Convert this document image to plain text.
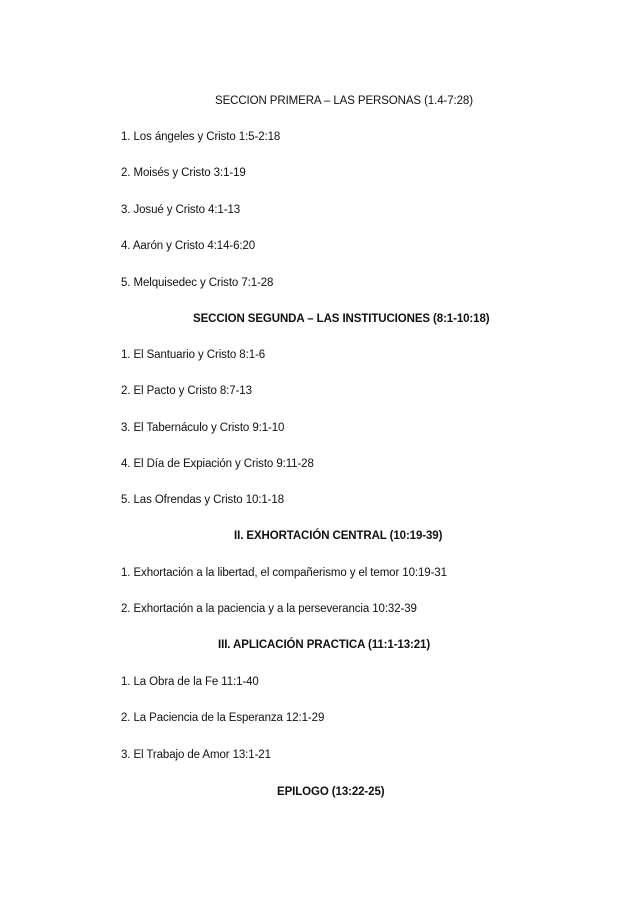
SECCION PRIMERA – LAS PERSONAS (1.4-7:28)
1. Los ángeles y Cristo 1:5-2:18
2. Moisés y Cristo 3:1-19
3. Josué y Cristo 4:1-13
4. Aarón y Cristo 4:14-6:20
5. Melquisedec y Cristo 7:1-28
SECCION SEGUNDA – LAS INSTITUCIONES (8:1-10:18)
1. El Santuario y Cristo 8:1-6
2. El Pacto y Cristo 8:7-13
3. El Tabernáculo y Cristo 9:1-10
4. El Día de Expiación y Cristo 9:11-28
5. Las Ofrendas y Cristo 10:1-18
II. EXHORTACIÓN CENTRAL (10:19-39)
1. Exhortación a la libertad, el compañerismo y el temor 10:19-31
2. Exhortación a la paciencia y a la perseverancia 10:32-39
III. APLICACIÓN PRACTICA (11:1-13:21)
1. La Obra de la Fe 11:1-40
2. La Paciencia de la Esperanza 12:1-29
3. El Trabajo de Amor 13:1-21
EPILOGO (13:22-25)
